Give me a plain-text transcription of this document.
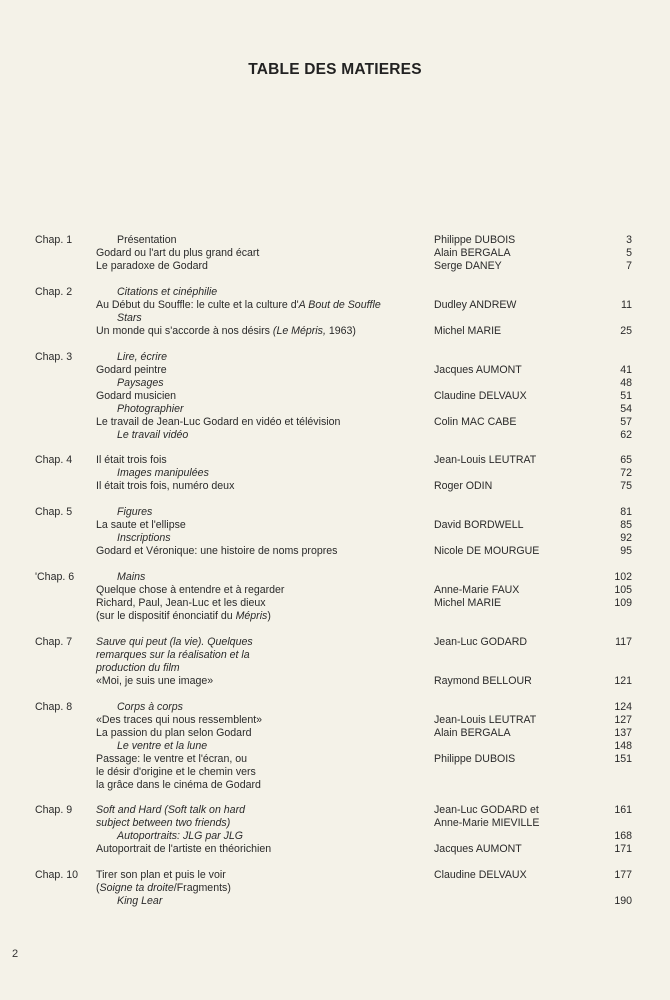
TABLE DES MATIERES
Chap. 1	Présentation	Philippe DUBOIS	3
Godard ou l'art du plus grand écart	Alain BERGALA	5
Le paradoxe de Godard	Serge DANEY	7
Chap. 2	Citations et cinéphilie
Au Début du Souffle: le culte et la culture d'A Bout de Souffle	Dudley ANDREW	11
Stars
Un monde qui s'accorde à nos désirs (Le Mépris, 1963)	Michel MARIE	25
Chap. 3	Lire, écrire
Godard peintre	Jacques AUMONT	41
Paysages	48
Godard musicien	Claudine DELVAUX	51
Photographier	54
Le travail de Jean-Luc Godard en vidéo et télévision	Colin MAC CABE	57
Le travail vidéo	62
Chap. 4 Il était trois fois	Jean-Louis LEUTRAT	65
Images manipulées	72
Il était trois fois, numéro deux	Roger ODIN	75
Chap. 5	Figures	81
La saute et l'ellipse	David BORDWELL	85
Inscriptions	92
Godard et Véronique: une histoire de noms propres	Nicole DE MOURGUE	95
'Chap. 6	Mains	102
Quelque chose à entendre et à regarder	Anne-Marie FAUX	105
Richard, Paul, Jean-Luc et les dieux	Michel MARIE	109
(sur le dispositif énonciatif du Mépris)
Chap. 7 Sauve qui peut (la vie). Quelques	Jean-Luc GODARD	117
remarques sur la réalisation et la
production du film
«Moi, je suis une image»	Raymond BELLOUR	121
Chap. 8	Corps à corps	124
«Des traces qui nous ressemblent»	Jean-Louis LEUTRAT	127
La passion du plan selon Godard	Alain BERGALA	137
Le ventre et la lune	148
Passage: le ventre et l'écran, ou	Philippe DUBOIS	151
le désir d'origine et le chemin vers
la grâce dans le cinéma de Godard
Chap. 9 Soft and Hard (Soft talk on hard	Jean-Luc GODARD et	161
subject between two friends)	Anne-Marie MIEVILLE
Autoportraits: JLG par JLG	168
Autoportrait de l'artiste en théorichien	Jacques AUMONT	171
Chap. 10 Tirer son plan et puis le voir	Claudine DELVAUX	177
(Soigne ta droite/Fragments)
King Lear	190
2
